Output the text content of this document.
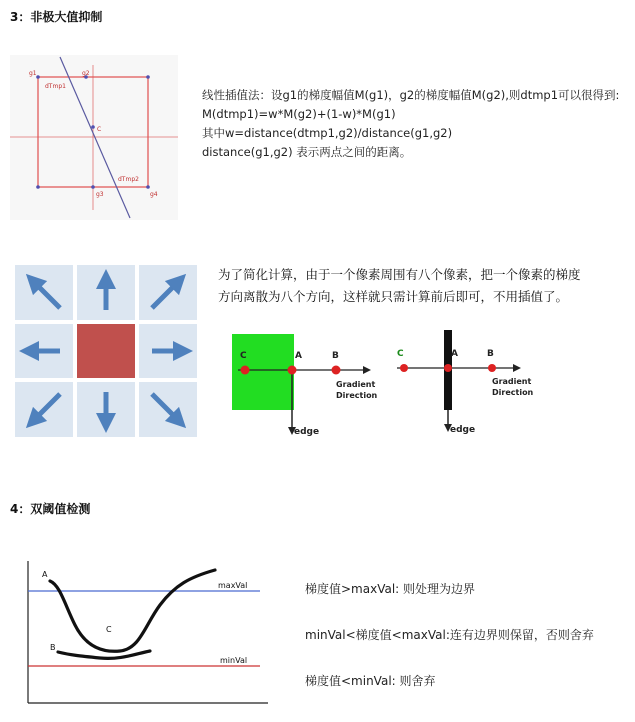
3：非极大值抑制
g1	g2
g3	g4
C
dTmp1
dTmp2
线性插值法：设g1的梯度幅值M(g1)，g2的梯度幅值M(g2),则dtmp1可以很得到:
M(dtmp1)=w*M(g2)+(1-w)*M(g1)
其中w=distance(dtmp1,g2)/distance(g1,g2)
distance(g1,g2) 表示两点之间的距离。
为了简化计算，由于一个像素周围有八个像素，把一个像素的梯度
方向离散为八个方向，这样就只需计算前后即可，不用插值了。
C	A	B
Gradient
Direction
edge
C	A	B
Gradient
Direction
edge
4：双阈值检测
A
B
C
maxVal
minVal
梯度值>maxVal: 则处理为边界
minVal<梯度值<maxVal:连有边界则保留，否则舍弃
梯度值<minVal: 则舍弃
